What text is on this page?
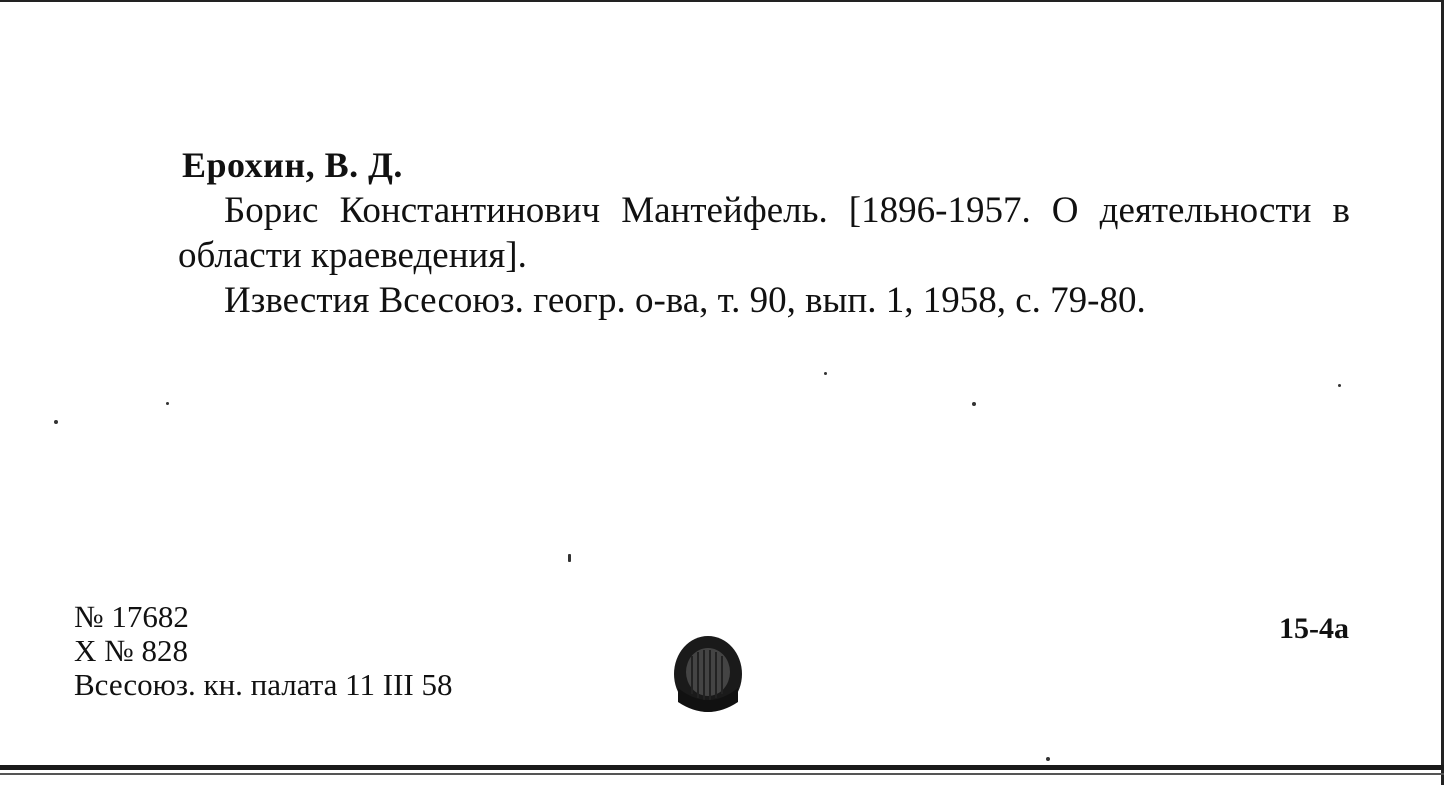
Ерохин, В. Д.
Борис Константинович Мантейфель. [1896-1957. О деятельности в области краеведения].
Известия Всесоюз. геогр. о-ва, т. 90, вып. 1, 1958, с. 79-80.
№ 17682
Х № 828
Всесоюз. кн. палата 11 III 58
15-4а
